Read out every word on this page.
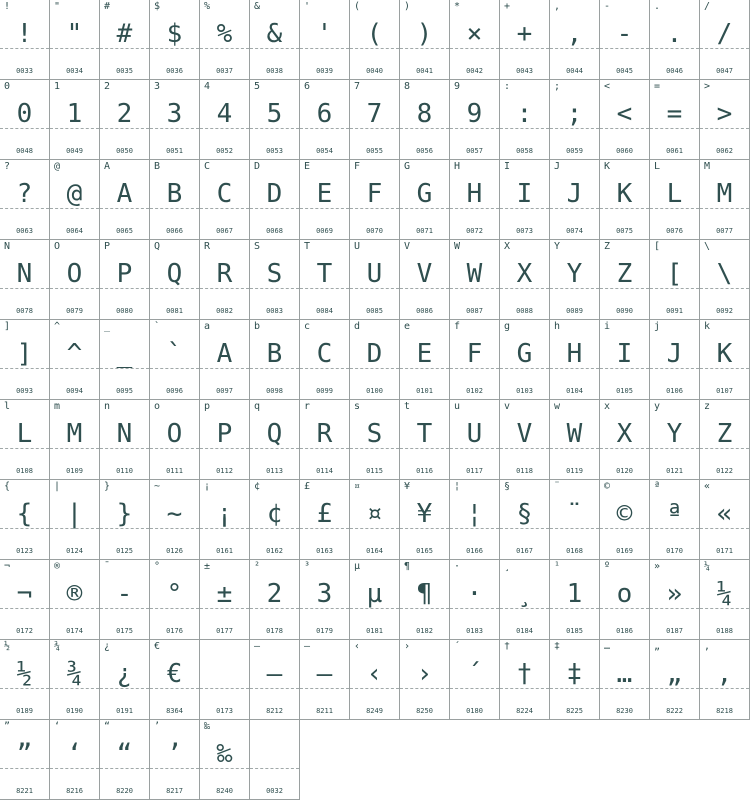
!
!
0033
"
"
0034
#
#
0035
$
$
0036
%
%
0037
&
&
0038
'
'
0039
(
(
0040
)
)
0041
*
×
0042
+
+
0043
,
,
0044
-
-
0045
.
.
0046
/
/
0047
0
0
0048
1
1
0049
2
2
0050
3
3
0051
4
4
0052
5
5
0053
6
6
0054
7
7
0055
8
8
0056
9
9
0057
:
:
0058
;
;
0059
<
<
0060
=
=
0061
>
>
0062
?
?
0063
@
@
0064
A
A
0065
B
B
0066
C
C
0067
D
D
0068
E
E
0069
F
F
0070
G
G
0071
H
H
0072
I
I
0073
J
J
0074
K
K
0075
L
L
0076
M
M
0077
N
N
0078
O
O
0079
P
P
0080
Q
Q
0081
R
R
0082
S
S
0083
T
T
0084
U
U
0085
V
V
0086
W
W
0087
X
X
0088
Y
Y
0089
Z
Z
0090
[
[
0091
\
\
0092
]
]
0093
^
^
0094
_
_
0095
`
`
0096
a
A
0097
b
B
0098
c
C
0099
d
D
0100
e
E
0101
f
F
0102
g
G
0103
h
H
0104
i
I
0105
j
J
0106
k
K
0107
l
L
0108
m
M
0109
n
N
0110
o
O
0111
p
P
0112
q
Q
0113
r
R
0114
s
S
0115
t
T
0116
u
U
0117
v
V
0118
w
W
0119
x
X
0120
y
Y
0121
z
Z
0122
{
{
0123
|
|
0124
}
}
0125
~
~
0126
¡
¡
0161
¢
¢
0162
£
£
0163
¤
¤
0164
¥
¥
0165
¦
¦
0166
§
§
0167
¨
¨
0168
©
©
0169
ª
ª
0170
«
«
0171
¬
¬
0172
®
®
0174
¯
-
0175
°
°
0176
±
±
0177
²
2
0178
³
3
0179
µ
µ
0181
¶
¶
0182
·
·
0183
¸
¸
0184
¹
1
0185
º
o
0186
»
»
0187
¼
¼
0188
½
½
0189
¾
¾
0190
¿
¿
0191
€
€
8364	0173
—
—
8212
–
–
8211
‹
‹
8249
›
›
8250
´
´
0180
†
†
8224
‡
‡
8225
…
…
8230
„
„
8222
‚
,
8218
”
”
8221
‘
‘
8216
“
“
8220
’
’
8217
‰
‰
8240	0032
